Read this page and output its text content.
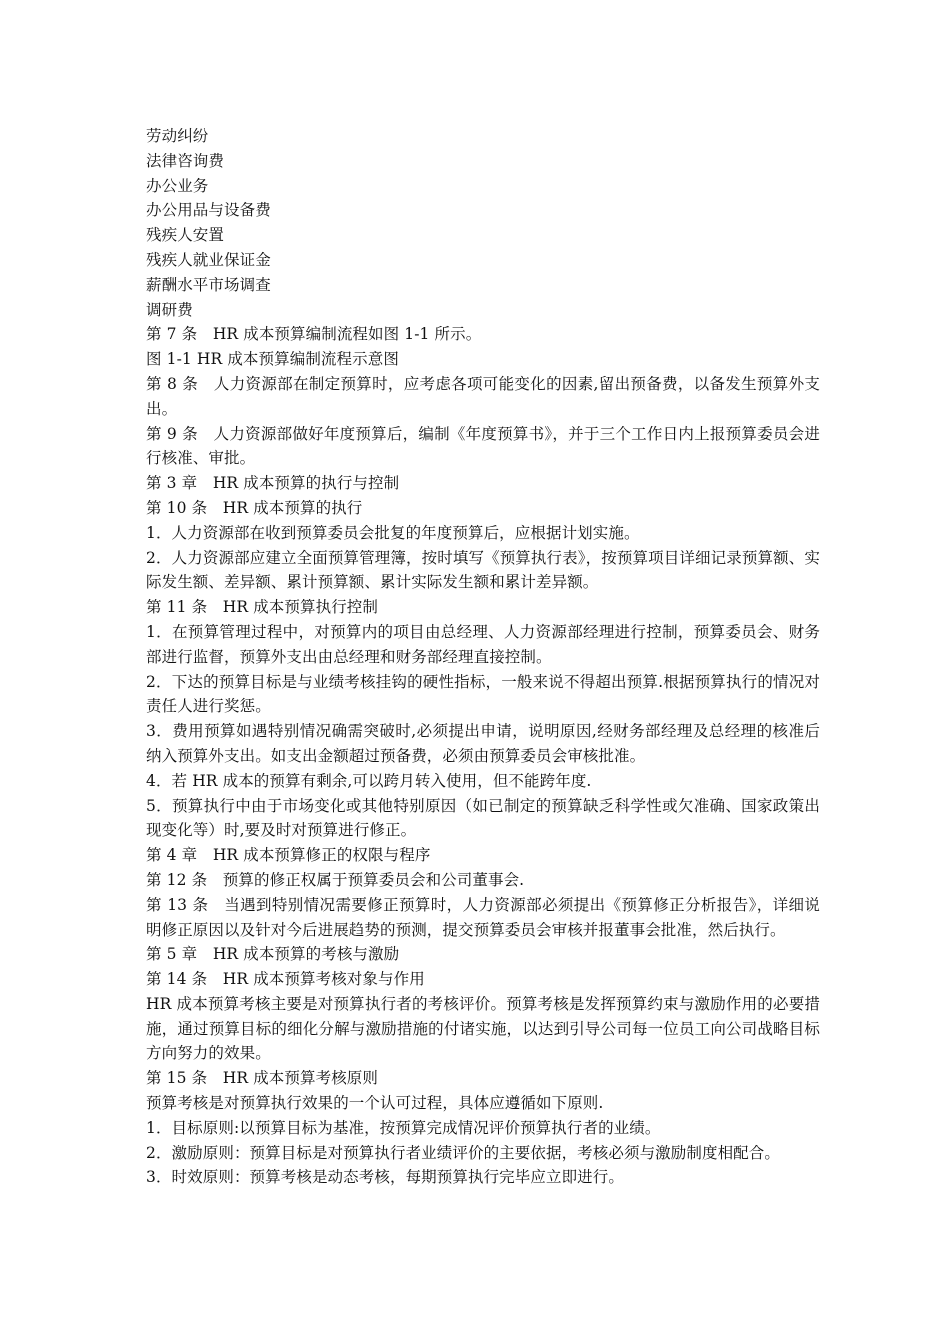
劳动纠纷

法律咨询费

办公业务

办公用品与设备费

残疾人安置

残疾人就业保证金

薪酬水平市场调查

调研费

第 7 条　HR 成本预算编制流程如图 1-1 所示。

图 1-1 HR 成本预算编制流程示意图

第 8 条　人力资源部在制定预算时，应考虑各项可能变化的因素,留出预备费，以备发生预算外支出。

第 9 条　人力资源部做好年度预算后，编制《年度预算书》，并于三个工作日内上报预算委员会进行核准、审批。

第 3 章　HR 成本预算的执行与控制

第 10 条　HR 成本预算的执行

1．人力资源部在收到预算委员会批复的年度预算后，应根据计划实施。

2．人力资源部应建立全面预算管理簿，按时填写《预算执行表》，按预算项目详细记录预算额、实际发生额、差异额、累计预算额、累计实际发生额和累计差异额。

第 11 条　HR 成本预算执行控制

1．在预算管理过程中，对预算内的项目由总经理、人力资源部经理进行控制，预算委员会、财务部进行监督，预算外支出由总经理和财务部经理直接控制。

2．下达的预算目标是与业绩考核挂钩的硬性指标，一般来说不得超出预算.根据预算执行的情况对责任人进行奖惩。

3．费用预算如遇特别情况确需突破时,必须提出申请，说明原因,经财务部经理及总经理的核准后纳入预算外支出。如支出金额超过预备费，必须由预算委员会审核批准。

4．若 HR 成本的预算有剩余,可以跨月转入使用，但不能跨年度.

5．预算执行中由于市场变化或其他特别原因（如已制定的预算缺乏科学性或欠准确、国家政策出现变化等）时,要及时对预算进行修正。

第 4 章　HR 成本预算修正的权限与程序

第 12 条　预算的修正权属于预算委员会和公司董事会.

第 13 条　当遇到特别情况需要修正预算时，人力资源部必须提出《预算修正分析报告》，详细说明修正原因以及针对今后进展趋势的预测，提交预算委员会审核并报董事会批准，然后执行。

第 5 章　HR 成本预算的考核与激励

第 14 条　HR 成本预算考核对象与作用

HR 成本预算考核主要是对预算执行者的考核评价。预算考核是发挥预算约束与激励作用的必要措施，通过预算目标的细化分解与激励措施的付诸实施，以达到引导公司每一位员工向公司战略目标方向努力的效果。

第 15 条　HR 成本预算考核原则

预算考核是对预算执行效果的一个认可过程，具体应遵循如下原则.

1．目标原则:以预算目标为基准，按预算完成情况评价预算执行者的业绩。

2．激励原则：预算目标是对预算执行者业绩评价的主要依据，考核必须与激励制度相配合。

3．时效原则：预算考核是动态考核，每期预算执行完毕应立即进行。
